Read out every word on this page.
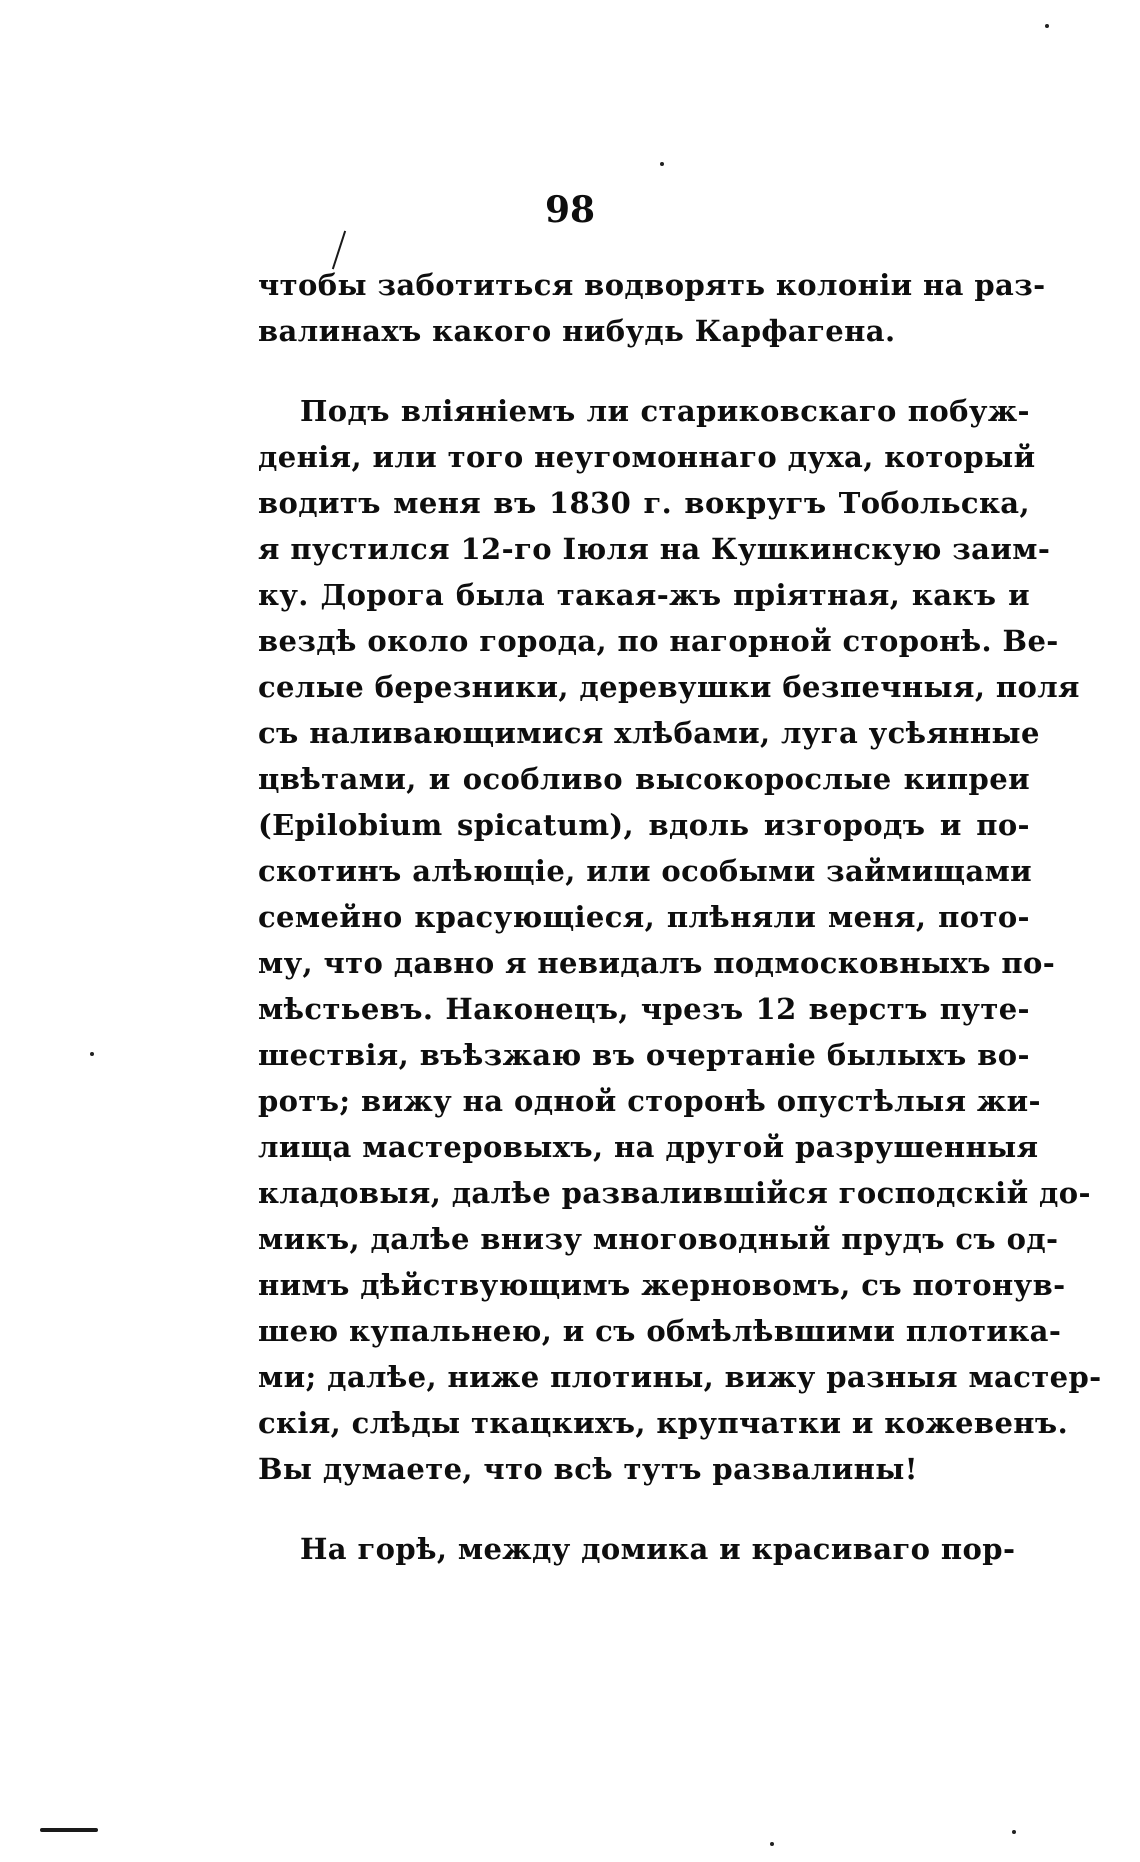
98
чтобы заботиться водворять колоніи на раз-
валинахъ какого нибудь Карфагена.
Подъ вліяніемъ ли стариковскаго побуж-
денія, или того неугомоннаго духа, который
водитъ меня въ 1830 г. вокругъ Тобольска,
я пустился 12-го Іюля на Кушкинскую заим-
ку. Дорога была такая-жъ пріятная, какъ и
вездѣ около города, по нагорной сторонѣ. Ве-
селые березники, деревушки безпечныя, поля
съ наливающимися хлѣбами, луга усѣянные
цвѣтами, и особливо высокорослые кипреи
(Epilobium spicatum), вдоль изгородъ и по-
скотинъ алѣющіе, или особыми займищами
семейно красующіеся, плѣняли меня, пото-
му, что давно я невидалъ подмосковныхъ по-
мѣстьевъ. Наконецъ, чрезъ 12 верстъ путе-
шествія, въѣзжаю въ очертаніе былыхъ во-
ротъ; вижу на одной сторонѣ опустѣлыя жи-
лища мастеровыхъ, на другой разрушенныя
кладовыя, далѣе развалившійся господскій до-
микъ, далѣе внизу многоводный прудъ съ од-
нимъ дѣйствующимъ жерновомъ, съ потонув-
шею купальнею, и съ обмѣлѣвшими плотика-
ми; далѣе, ниже плотины, вижу разныя мастер-
скія, слѣды ткацкихъ, крупчатки и кожевенъ.
Вы думаете, что всѣ тутъ развалины!
На горѣ, между домика и красиваго пор-
